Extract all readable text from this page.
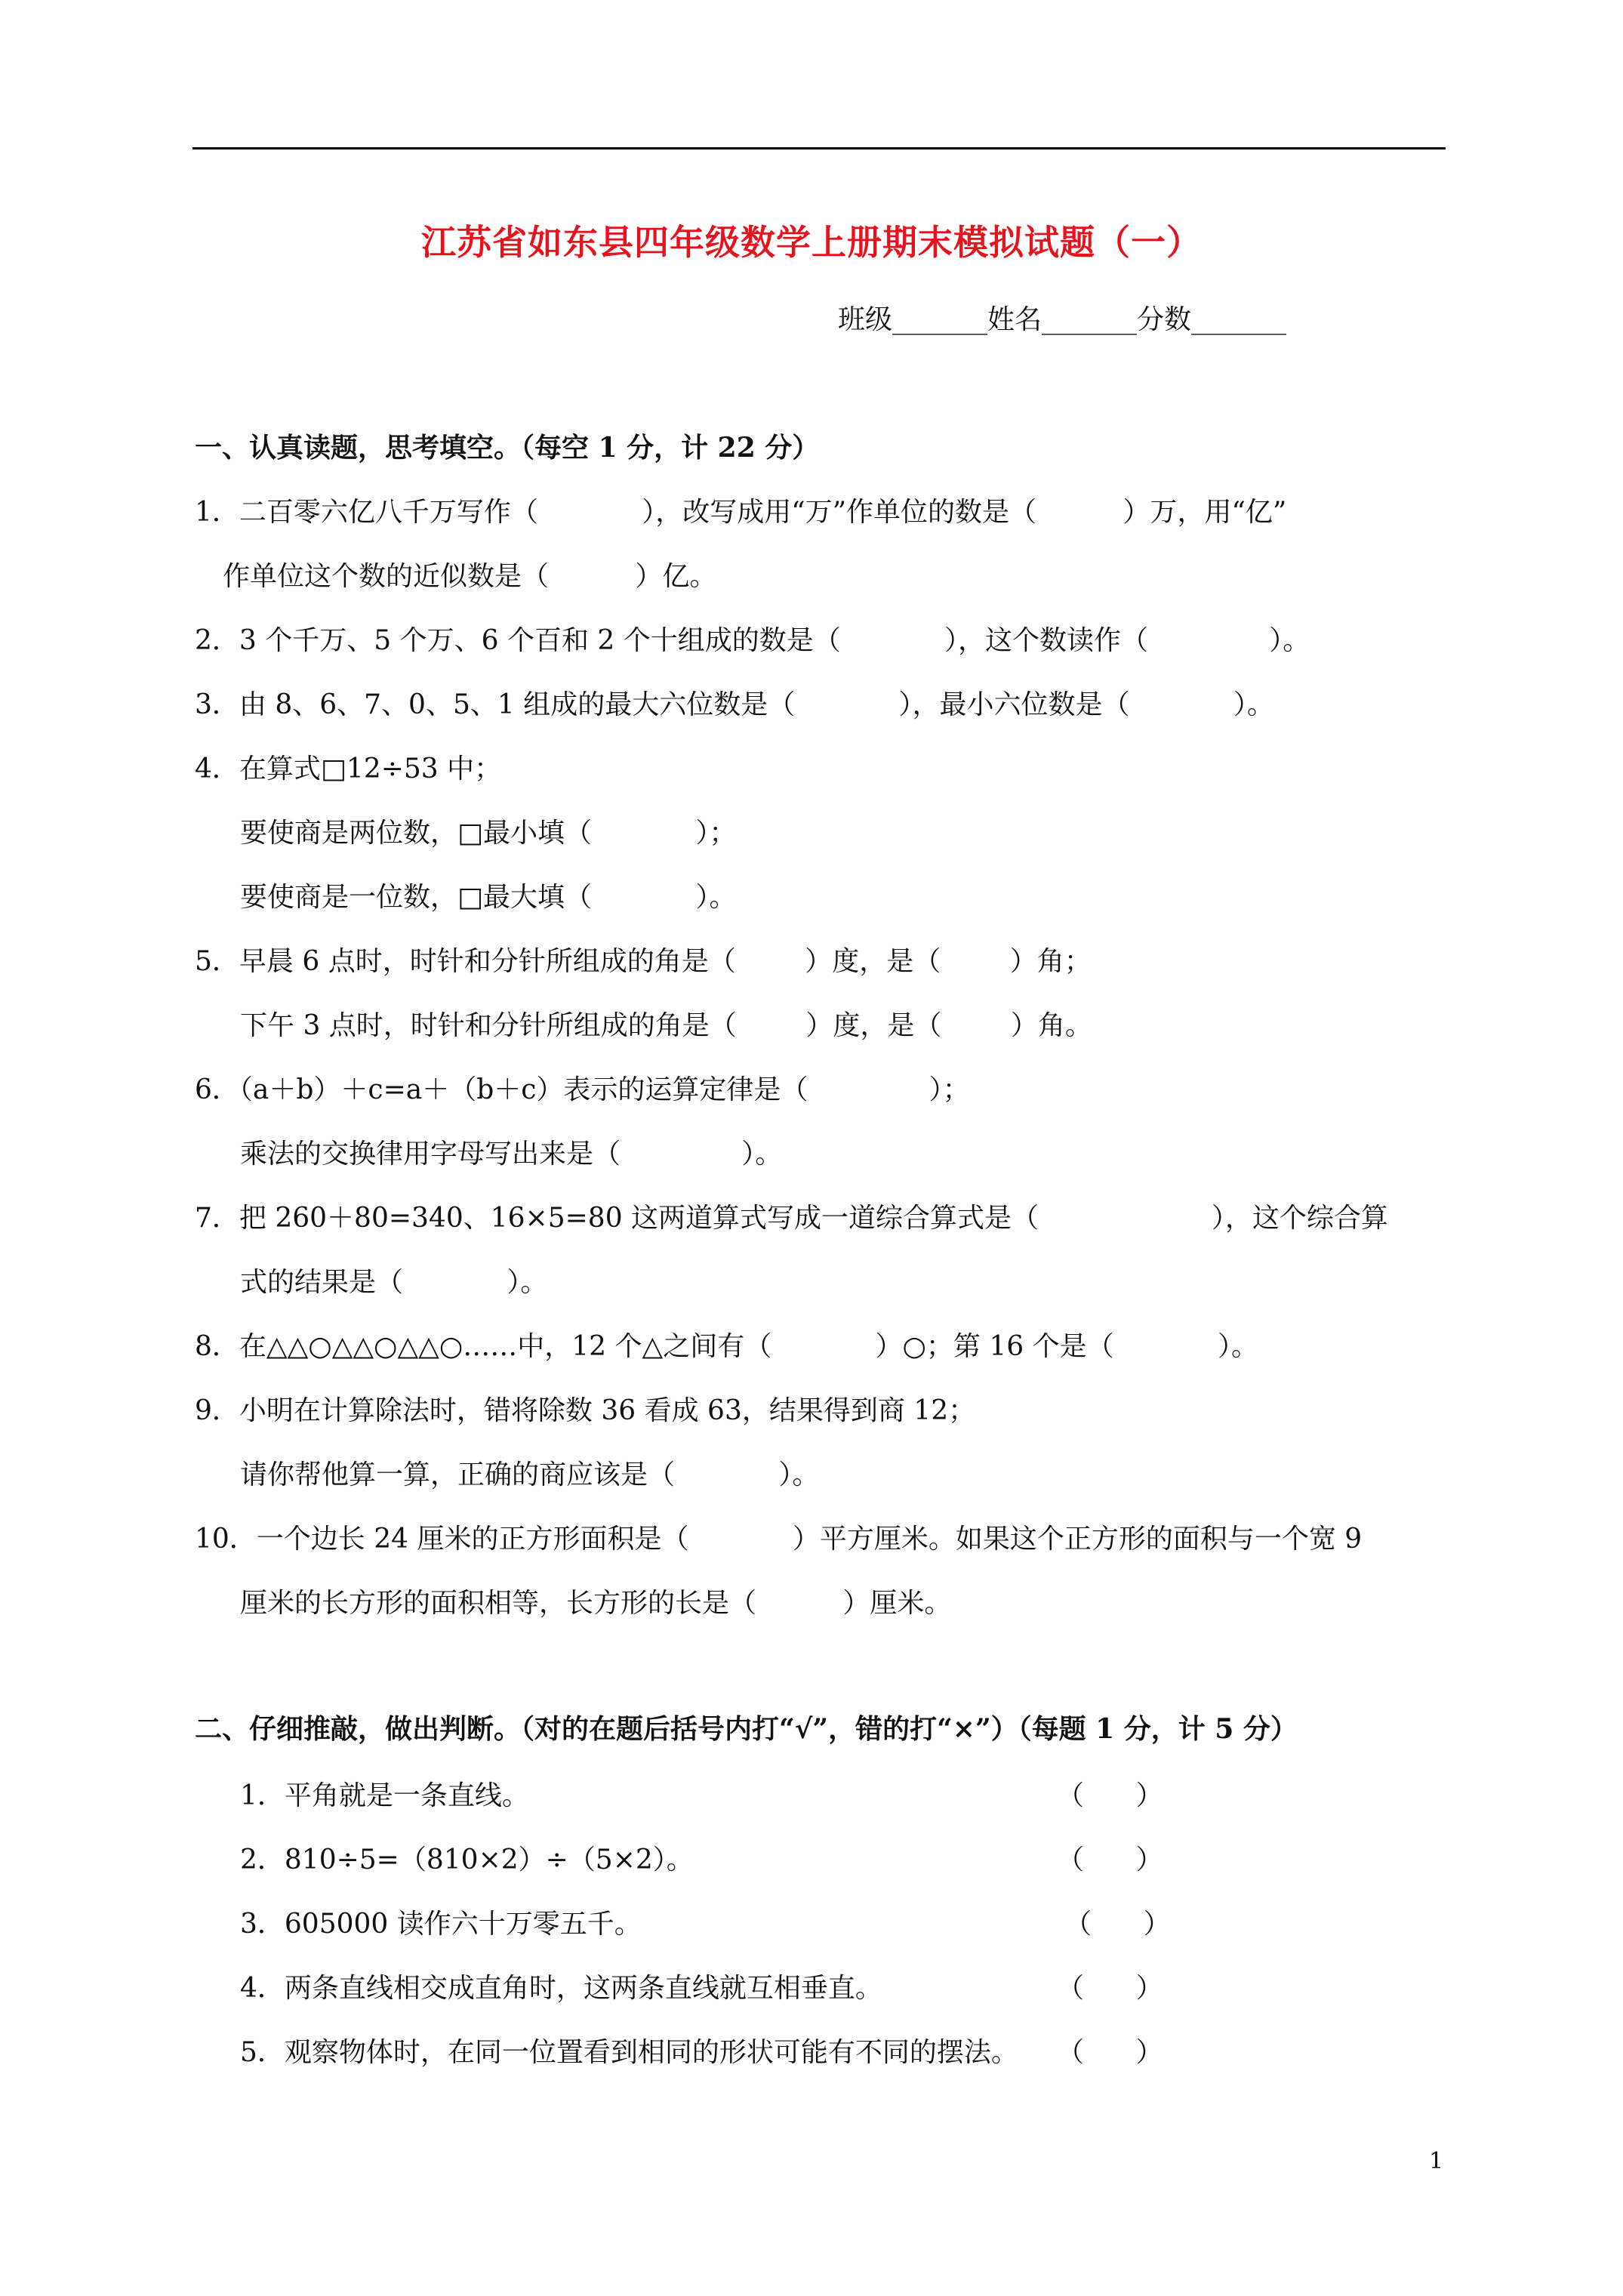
江苏省如东县四年级数学上册期末模拟试题（一）
班级_______姓名_______分数_______
一、认真读题，思考填空。（每空 1 分，计 22 分）
1．二百零六亿八千万写作（            ），改写成用“万”作单位的数是（          ）万，用“亿”
作单位这个数的近似数是（          ）亿。
2．3 个千万、5 个万、6 个百和 2 个十组成的数是（            ），这个数读作（              ）。
3．由 8、6、7、0、5、1 组成的最大六位数是（            ），最小六位数是（            ）。
4．在算式□12÷53 中；
要使商是两位数，□最小填（            ）；
要使商是一位数，□最大填（            ）。
5．早晨 6 点时，时针和分针所组成的角是（        ）度，是（        ）角；
下午 3 点时，时针和分针所组成的角是（        ）度，是（        ）角。
6．（a＋b）＋c=a＋（b＋c）表示的运算定律是（              ）；
乘法的交换律用字母写出来是（              ）。
7．把 260＋80=340、16×5=80 这两道算式写成一道综合算式是（                    ），这个综合算
式的结果是（            ）。
8．在△△○△△○△△○……中，12 个△之间有（            ）○；第 16 个是（            ）。
9．小明在计算除法时，错将除数 36 看成 63，结果得到商 12；
请你帮他算一算，正确的商应该是（            ）。
10．一个边长 24 厘米的正方形面积是（            ）平方厘米。如果这个正方形的面积与一个宽 9
厘米的长方形的面积相等，长方形的长是（          ）厘米。
二、仔细推敲，做出判断。（对的在题后括号内打“√”，错的打“×”）（每题 1 分，计 5 分）
1．平角就是一条直线。	（      ）
2．810÷5=（810×2）÷（5×2）。	（      ）
3．605000 读作六十万零五千。	（      ）
4．两条直线相交成直角时，这两条直线就互相垂直。	（      ）
5．观察物体时，在同一位置看到相同的形状可能有不同的摆法。 （      ）
1
